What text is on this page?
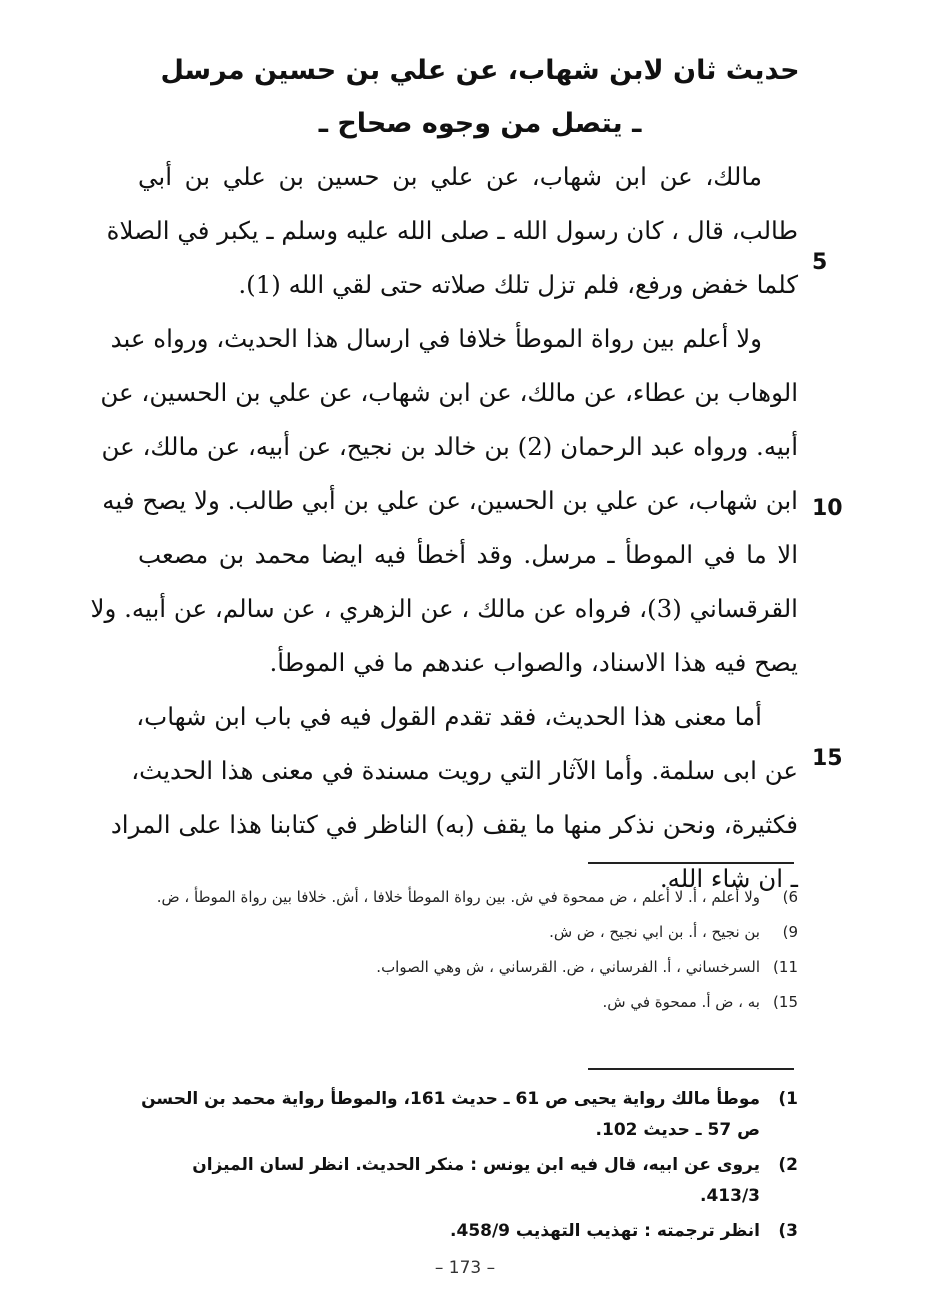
حديث ثان لابن شهاب، عن علي بن حسين مرسل
ـ يتصل من وجوه صحاح ـ
مالك، عن ابن شهاب، عن علي بن حسين بن علي بن أبي
طالب، قال ، كان رسول الله ـ صلى الله عليه وسلم ـ يكبر في الصلاة
كلما خفض ورفع، فلم تزل تلك صلاته حتى لقي الله (1).
ولا أعلم بين رواة الموطأ خلافا في ارسال هذا الحديث، ورواه عبد
الوهاب بن عطاء، عن مالك، عن ابن شهاب، عن علي بن الحسين، عن
أبيه. ورواه عبد الرحمان (2) بن خالد بن نجيح، عن أبيه، عن مالك، عن
ابن شهاب، عن علي بن الحسين، عن علي بن أبي طالب. ولا يصح فيه
الا ما في الموطأ ـ مرسل. وقد أخطأ فيه ايضا محمد بن مصعب
القرقساني (3)، فرواه عن مالك ، عن الزهري ، عن سالم، عن أبيه. ولا
يصح فيه هذا الاسناد، والصواب عندهم ما في الموطأ.
أما معنى هذا الحديث، فقد تقدم القول فيه في باب ابن شهاب،
عن ابى سلمة. وأما الآثار التي رويت مسندة في معنى هذا الحديث،
فكثيرة، ونحن نذكر منها ما يقف (به) الناظر في كتابنا هذا على المراد
ـ ان شاء الله.
5
10
15
6)
ولا أعلم ، أ. لا أعلم ، ض ممحوة في ش. بين رواة الموطأ خلافا ، أش. خلافا بين رواة الموطأ ، ض.
9)
بن نجيح ، أ. بن ابي نجيح ، ض ش.
11)
السرخساني ، أ. الفرساني ، ض. القرساني ، ش وهي الصواب.
15)
به ، ض أ. ممحوة في ش.
1)
موطأ مالك رواية يحيى ص 61 ـ حديث 161، والموطأ رواية محمد بن الحسن ص 57 ـ حديث 102.
2)
يروى عن ابيه، قال فيه ابن يونس : منكر الحديث. انظر لسان الميزان 413/3.
3)
انظر ترجمته : تهذيب التهذيب 458/9.
– 173 –
